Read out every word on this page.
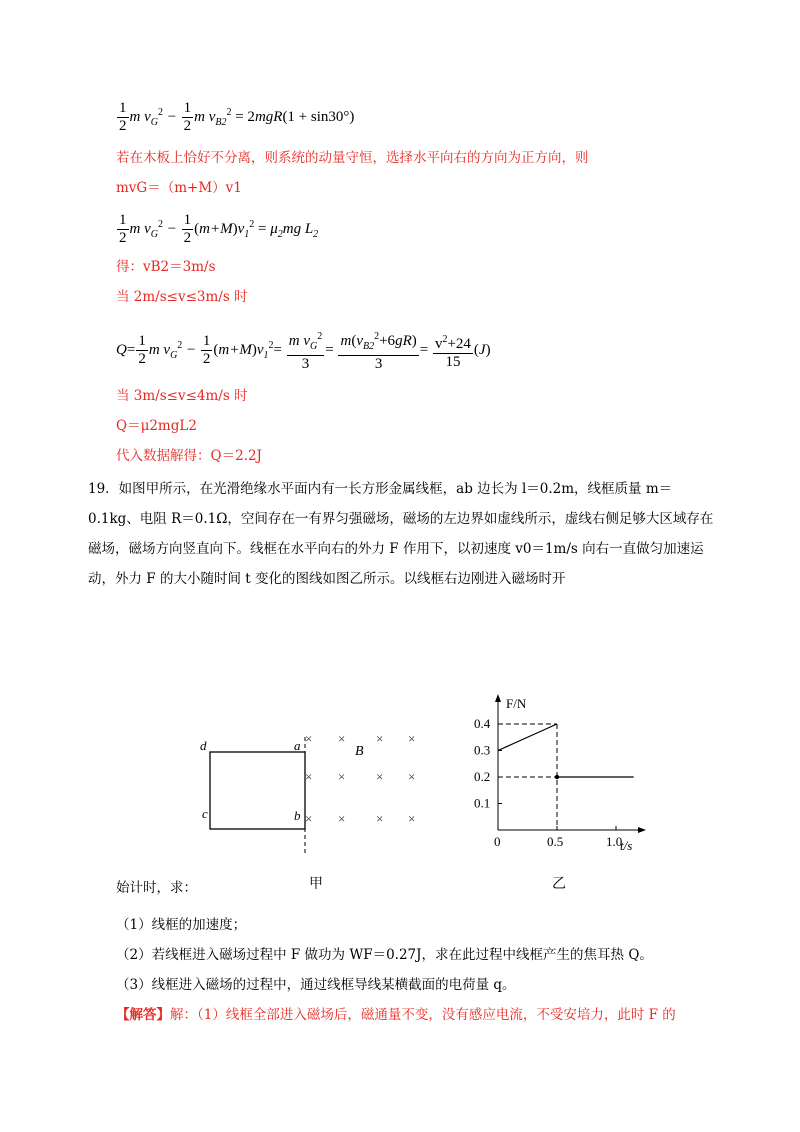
$\frac{1}{2}$ m $v_G^2 - \frac{1}{2}$ m $v_{B2}^2 = 2mgR(1 + \sin 30^\circ)$
若在木板上恰好不分离，则系统的动量守恒，选择水平向右的方向为正方向，则
mvG＝（m+M）v1
$\frac{1}{2}$ m $v_G^2 - \frac{1}{2} (m+M)v_1^2 = \mu_2mg$ $L_2$
得：vB2＝3m/s
当 2m/s≤v≤3m/s 时
$Q= \frac{1}{2}$ m $v_G^2 - \frac{1}{2} (m+M)v_1^2= \frac{m v_G^2}{3} = \frac{m(v_{B2}^2+6gR)}{3} = \frac{v^2+24}{15} (J)$
当 3m/s≤v≤4m/s 时
Q＝μ2mgL2
代入数据解得：Q＝2.2J
19．如图甲所示，在光滑绝缘水平面内有一长方形金属线框，ab 边长为 l＝0.2m，线框质量 m＝0.1kg、电阻 R＝0.1Ω，空间存在一有界匀强磁场，磁场的左边界如虚线所示，虚线右侧足够大区域存在磁场，磁场方向竖直向下。线框在水平向右的外力 F 作用下，以初速度 v0＝1m/s 向右一直做匀加速运动，外力 F 的大小随时间 t 变化的图线如图乙所示。以线框右边刚进入磁场时开
d	a
c	b
B
× × × ×
× × × ×
× × × ×
甲
0.1
0.2
0.3
0.4
0	0.5	1.0
F/N
t/s
乙
始计时，求：
（1）线框的加速度；
（2）若线框进入磁场过程中 F 做功为 WF＝0.27J，求在此过程中线框产生的焦耳热 Q。
（3）线框进入磁场的过程中，通过线框导线某横截面的电荷量 q。
【解答】解：（1）线框全部进入磁场后，磁通量不变，没有感应电流，不受安培力，此时 F 的
